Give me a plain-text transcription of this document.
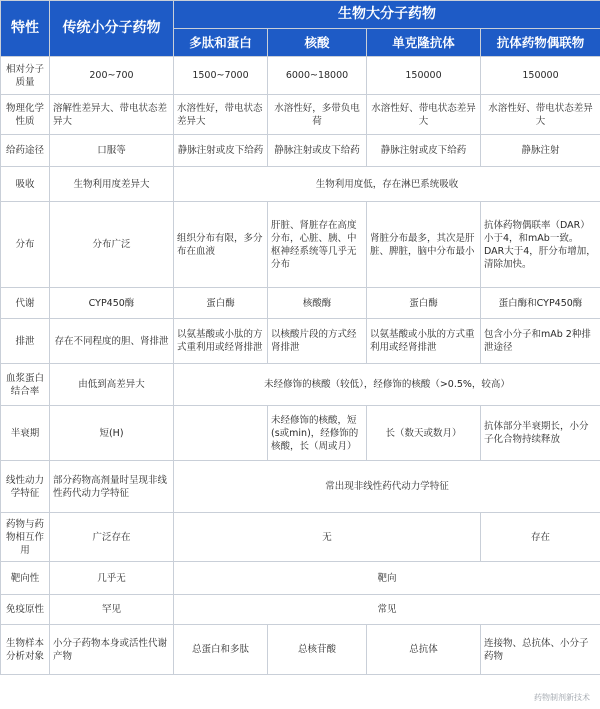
特性	传统小分子药物	生物大分子药物			
		多肽和蛋白	核酸	单克隆抗体	抗体药物偶联物
相对分子质量	200~700	1500~7000	6000~18000	150000	150000
物理化学性质	溶解性差异大、带电状态差异大	水溶性好，带电状态差异大	水溶性好，多带负电荷	水溶性好、带电状态差异大	水溶性好、带电状态差异大
给药途径	口服等	静脉注射或皮下给药	静脉注射或皮下给药	静脉注射或皮下给药	静脉注射
吸收	生物利用度差异大	生物利用度低，存在淋巴系统吸收			
分布	分布广泛	组织分布有限，多分布在血液	肝脏、肾脏存在高度分布，心脏、胰、中枢神经系统等几乎无分布	肾脏分布最多，其次是肝脏、脾脏，脑中分布最小	抗体药物偶联率（DAR）小于4，和mAb一致。DAR大于4，肝分布增加，清除加快。
代谢	CYP450酶	蛋白酶	核酸酶	蛋白酶	蛋白酶和CYP450酶
排泄	存在不同程度的胆、肾排泄	以氨基酸或小肽的方式重利用或经肾排泄	以核酸片段的方式经肾排泄	以氨基酸或小肽的方式重利用或经肾排泄	包含小分子和mAb 2种排泄途径
血浆蛋白结合率	由低到高差异大	未经修饰的核酸（较低），经修饰的核酸（>0.5%，较高）			
半衰期	短(H)		未经修饰的核酸，短(s或min)，经修饰的核酸，长（周或月）	长（数天或数月）	抗体部分半衰期长，小分子化合物持续释放
线性动力学特征	部分药物高剂量时呈现非线性药代动力学特征	常出现非线性药代动力学特征			
药物与药物相互作用	广泛存在	无			存在
靶向性	几乎无	靶向			
免疫原性	罕见	常见			
生物样本分析对象	小分子药物本身或活性代谢产物	总蛋白和多肽	总核苷酸	总抗体	连接物、总抗体、小分子药物
药物制剂新技术
